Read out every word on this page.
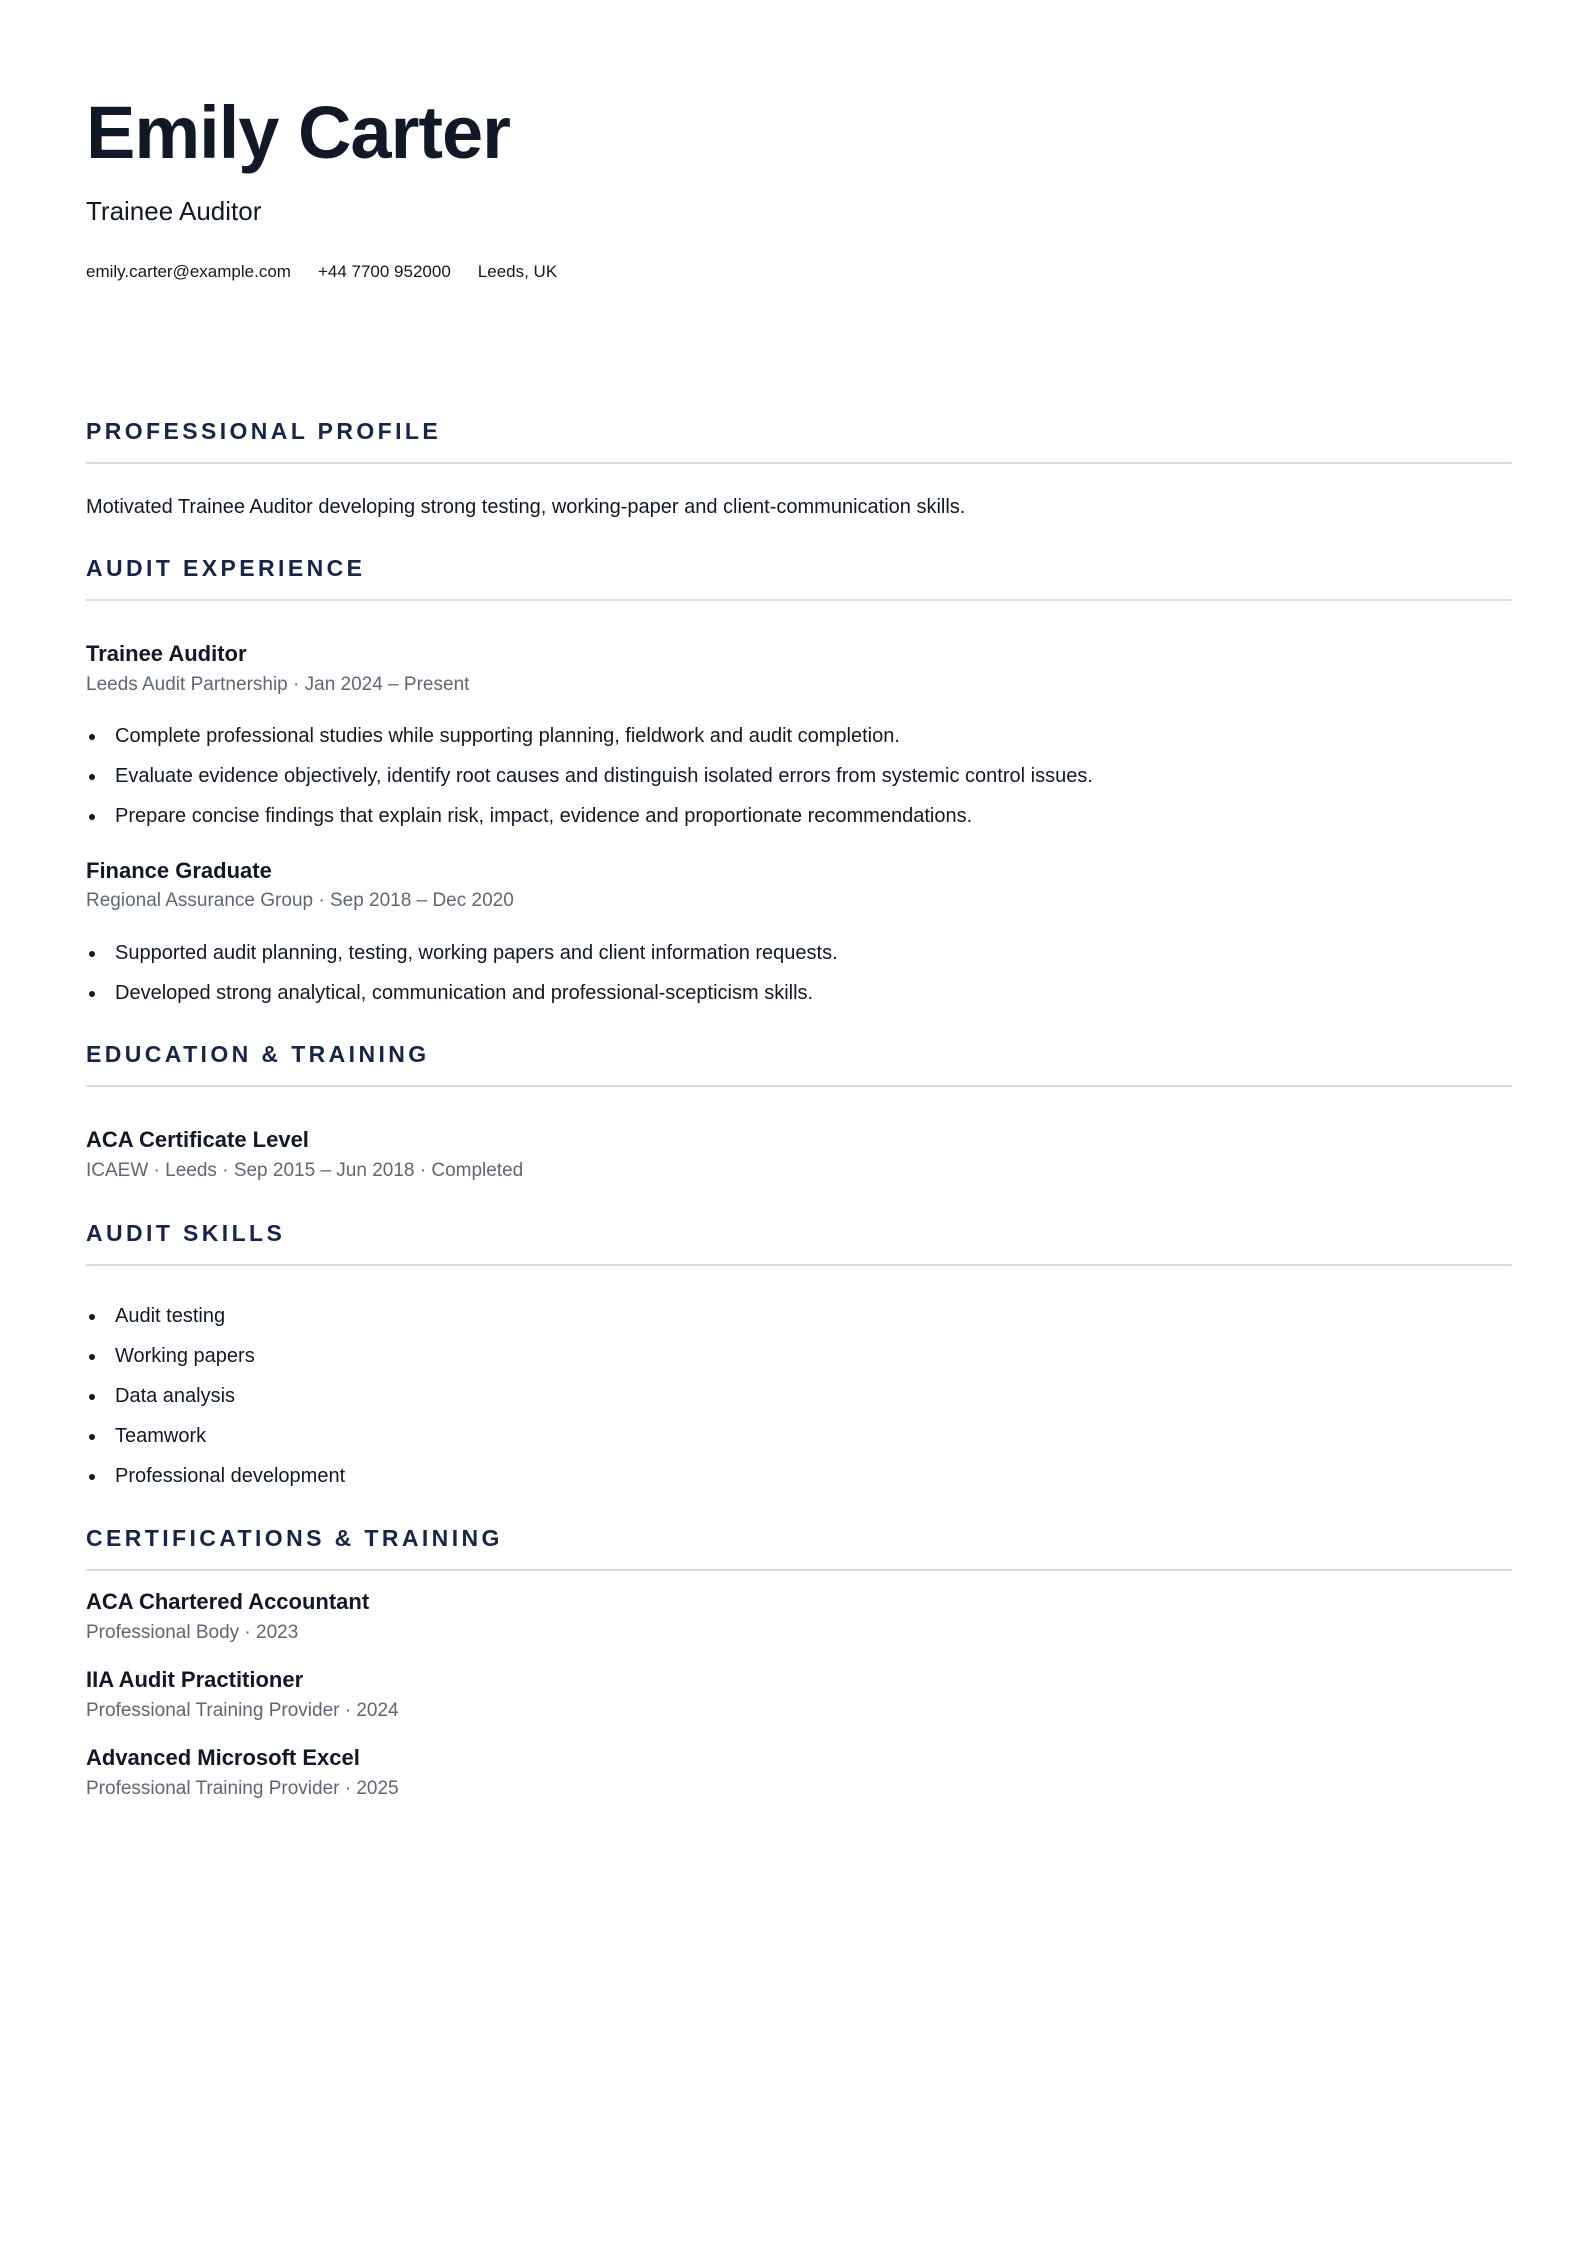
Emily Carter
Trainee Auditor
emily.carter@example.com +44 7700 952000 Leeds, UK
PROFESSIONAL PROFILE
Motivated Trainee Auditor developing strong testing, working-paper and client-communication skills.
AUDIT EXPERIENCE
Trainee Auditor
Leeds Audit Partnership · Jan 2024 – Present
Complete professional studies while supporting planning, fieldwork and audit completion.
Evaluate evidence objectively, identify root causes and distinguish isolated errors from systemic control issues.
Prepare concise findings that explain risk, impact, evidence and proportionate recommendations.
Finance Graduate
Regional Assurance Group · Sep 2018 – Dec 2020
Supported audit planning, testing, working papers and client information requests.
Developed strong analytical, communication and professional-scepticism skills.
EDUCATION & TRAINING
ACA Certificate Level
ICAEW · Leeds · Sep 2015 – Jun 2018 · Completed
AUDIT SKILLS
Audit testing
Working papers
Data analysis
Teamwork
Professional development
CERTIFICATIONS & TRAINING
ACA Chartered Accountant
Professional Body · 2023
IIA Audit Practitioner
Professional Training Provider · 2024
Advanced Microsoft Excel
Professional Training Provider · 2025
